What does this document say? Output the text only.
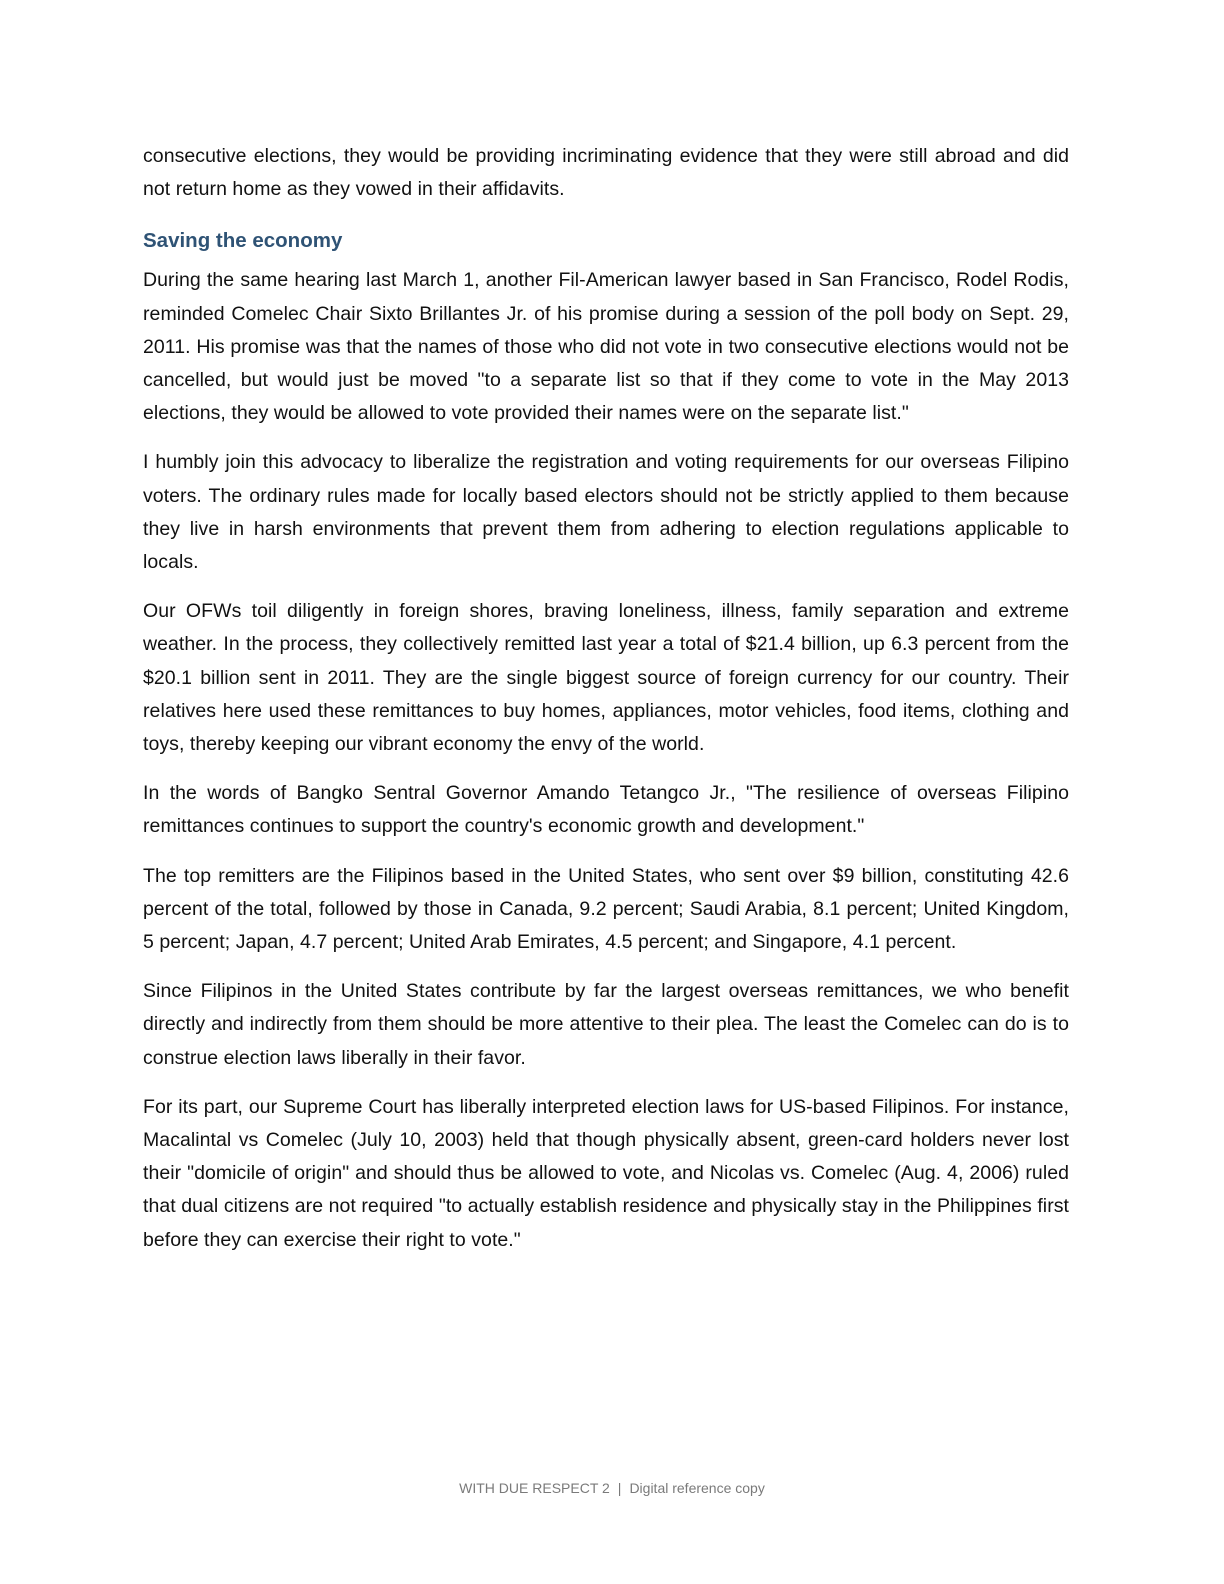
consecutive elections, they would be providing incriminating evidence that they were still abroad and did not return home as they vowed in their affidavits.

Saving the economy

During the same hearing last March 1, another Fil-American lawyer based in San Francisco, Rodel Rodis, reminded Comelec Chair Sixto Brillantes Jr. of his promise during a session of the poll body on Sept. 29, 2011. His promise was that the names of those who did not vote in two consecutive elections would not be cancelled, but would just be moved "to a separate list so that if they come to vote in the May 2013 elections, they would be allowed to vote provided their names were on the separate list."

I humbly join this advocacy to liberalize the registration and voting requirements for our overseas Filipino voters. The ordinary rules made for locally based electors should not be strictly applied to them because they live in harsh environments that prevent them from adhering to election regulations applicable to locals.

Our OFWs toil diligently in foreign shores, braving loneliness, illness, family separation and extreme weather. In the process, they collectively remitted last year a total of $21.4 billion, up 6.3 percent from the $20.1 billion sent in 2011. They are the single biggest source of foreign currency for our country. Their relatives here used these remittances to buy homes, appliances, motor vehicles, food items, clothing and toys, thereby keeping our vibrant economy the envy of the world.

In the words of Bangko Sentral Governor Amando Tetangco Jr., "The resilience of overseas Filipino remittances continues to support the country's economic growth and development."

The top remitters are the Filipinos based in the United States, who sent over $9 billion, constituting 42.6 percent of the total, followed by those in Canada, 9.2 percent; Saudi Arabia, 8.1 percent; United Kingdom, 5 percent; Japan, 4.7 percent; United Arab Emirates, 4.5 percent; and Singapore, 4.1 percent.

Since Filipinos in the United States contribute by far the largest overseas remittances, we who benefit directly and indirectly from them should be more attentive to their plea. The least the Comelec can do is to construe election laws liberally in their favor.

For its part, our Supreme Court has liberally interpreted election laws for US-based Filipinos. For instance, Macalintal vs Comelec (July 10, 2003) held that though physically absent, green-card holders never lost their "domicile of origin" and should thus be allowed to vote, and Nicolas vs. Comelec (Aug. 4, 2006) ruled that dual citizens are not required "to actually establish residence and physically stay in the Philippines first before they can exercise their right to vote."

WITH DUE RESPECT 2 | Digital reference copy
